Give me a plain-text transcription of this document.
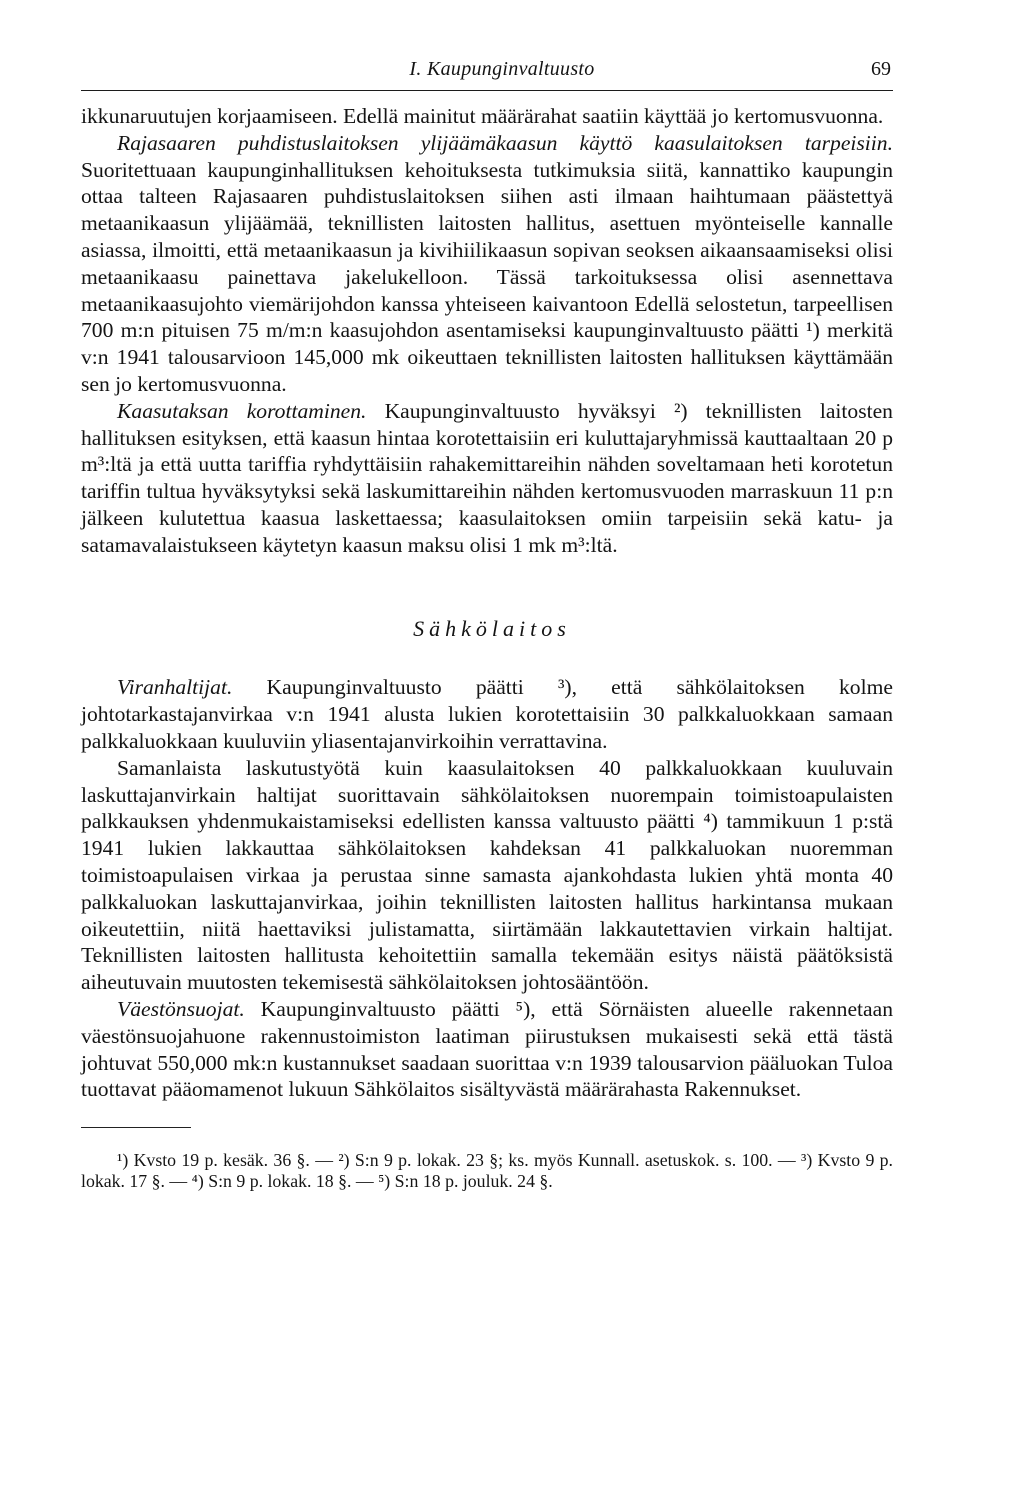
I. Kaupunginvaltuusto	69

ikkunaruutujen korjaamiseen. Edellä mainitut määrärahat saatiin käyttää jo kertomusvuonna.

Rajasaaren puhdistuslaitoksen ylijäämäkaasun käyttö kaasulaitoksen tarpeisiin. Suoritettuaan kaupunginhallituksen kehoituksesta tutkimuksia siitä, kannattiko kaupungin ottaa talteen Rajasaaren puhdistuslaitoksen siihen asti ilmaan haihtumaan päästettyä metaanikaasun ylijäämää, teknillisten laitosten hallitus, asettuen myönteiselle kannalle asiassa, ilmoitti, että metaanikaasun ja kivihiilikaasun sopivan seoksen aikaansaamiseksi olisi metaanikaasu painettava jakelukelloon. Tässä tarkoituksessa olisi asennettava metaanikaasujohto viemärijohdon kanssa yhteiseen kaivantoon Edellä selostetun, tarpeellisen 700 m:n pituisen 75 m/m:n kaasujohdon asentamiseksi kaupunginvaltuusto päätti ¹) merkitä v:n 1941 talousarvioon 145,000 mk oikeuttaen teknillisten laitosten hallituksen käyttämään sen jo kertomusvuonna.

Kaasutaksan korottaminen. Kaupunginvaltuusto hyväksyi ²) teknillisten laitosten hallituksen esityksen, että kaasun hintaa korotettaisiin eri kuluttajaryhmissä kauttaaltaan 20 p m³:ltä ja että uutta tariffia ryhdyttäisiin rahakemittareihin nähden soveltamaan heti korotetun tariffin tultua hyväksytyksi sekä laskumittareihin nähden kertomusvuoden marraskuun 11 p:n jälkeen kulutettua kaasua laskettaessa; kaasulaitoksen omiin tarpeisiin sekä katu- ja satamavalaistukseen käytetyn kaasun maksu olisi 1 mk m³:ltä.

Sähkölaitos

Viranhaltijat. Kaupunginvaltuusto päätti ³), että sähkölaitoksen kolme johtotarkastajanvirkaa v:n 1941 alusta lukien korotettaisiin 30 palkkaluokkaan samaan palkkaluokkaan kuuluviin yliasentajanvirkoihin verrattavina.

Samanlaista laskutustyötä kuin kaasulaitoksen 40 palkkaluokkaan kuuluvain laskuttajanvirkain haltijat suorittavain sähkölaitoksen nuorempain toimistoapulaisten palkkauksen yhdenmukaistamiseksi edellisten kanssa valtuusto päätti ⁴) tammikuun 1 p:stä 1941 lukien lakkauttaa sähkölaitoksen kahdeksan 41 palkkaluokan nuoremman toimistoapulaisen virkaa ja perustaa sinne samasta ajankohdasta lukien yhtä monta 40 palkkaluokan laskuttajanvirkaa, joihin teknillisten laitosten hallitus harkintansa mukaan oikeutettiin, niitä haettaviksi julistamatta, siirtämään lakkautettavien virkain haltijat. Teknillisten laitosten hallitusta kehoitettiin samalla tekemään esitys näistä päätöksistä aiheutuvain muutosten tekemisestä sähkölaitoksen johtosääntöön.

Väestönsuojat. Kaupunginvaltuusto päätti ⁵), että Sörnäisten alueelle rakennetaan väestönsuojahuone rakennustoimiston laatiman piirustuksen mukaisesti sekä että tästä johtuvat 550,000 mk:n kustannukset saadaan suorittaa v:n 1939 talousarvion pääluokan Tuloa tuottavat pääomamenot lukuun Sähkölaitos sisältyvästä määrärahasta Rakennukset.

¹) Kvsto 19 p. kesäk. 36 §. — ²) S:n 9 p. lokak. 23 §; ks. myös Kunnall. asetuskok. s. 100. — ³) Kvsto 9 p. lokak. 17 §. — ⁴) S:n 9 p. lokak. 18 §. — ⁵) S:n 18 p. jouluk. 24 §.
